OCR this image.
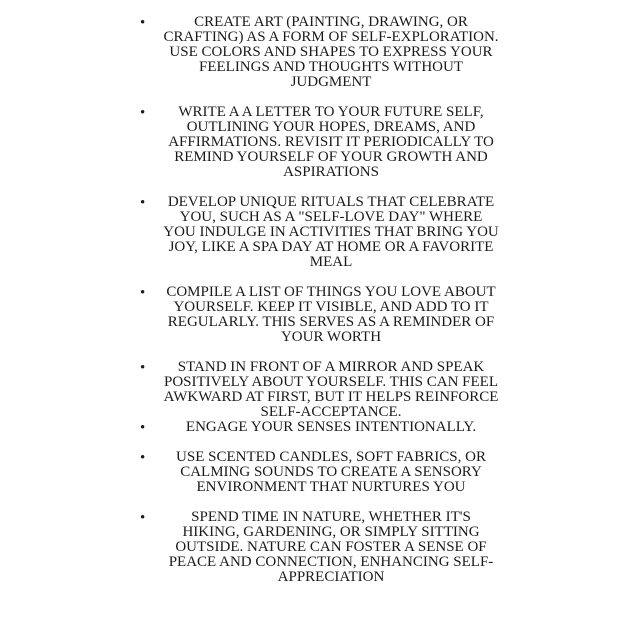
•	CREATE ART (PAINTING, DRAWING, OR CRAFTING) AS A FORM OF SELF-EXPLORATION. USE COLORS AND SHAPES TO EXPRESS YOUR FEELINGS AND THOUGHTS WITHOUT JUDGMENT
•	WRITE A A LETTER TO YOUR FUTURE SELF, OUTLINING YOUR HOPES, DREAMS, AND AFFIRMATIONS. REVISIT IT PERIODICALLY TO REMIND YOURSELF OF YOUR GROWTH AND ASPIRATIONS
•	DEVELOP UNIQUE RITUALS THAT CELEBRATE YOU, SUCH AS A "SELF-LOVE DAY" WHERE YOU INDULGE IN ACTIVITIES THAT BRING YOU JOY, LIKE A SPA DAY AT HOME OR A FAVORITE MEAL
• COMPILE A LIST OF THINGS YOU LOVE ABOUT YOURSELF. KEEP IT VISIBLE, AND ADD TO IT REGULARLY. THIS SERVES AS A REMINDER OF YOUR WORTH
•	STAND IN FRONT OF A MIRROR AND SPEAK POSITIVELY ABOUT YOURSELF. THIS CAN FEEL AWKWARD AT FIRST, BUT IT HELPS REINFORCE SELF-ACCEPTANCE.
•	ENGAGE YOUR SENSES INTENTIONALLY.
•	USE SCENTED CANDLES, SOFT FABRICS, OR CALMING SOUNDS TO CREATE A SENSORY ENVIRONMENT THAT NURTURES YOU
•	SPEND TIME IN NATURE, WHETHER IT'S HIKING, GARDENING, OR SIMPLY SITTING OUTSIDE. NATURE CAN FOSTER A SENSE OF PEACE AND CONNECTION, ENHANCING SELF-APPRECIATION
